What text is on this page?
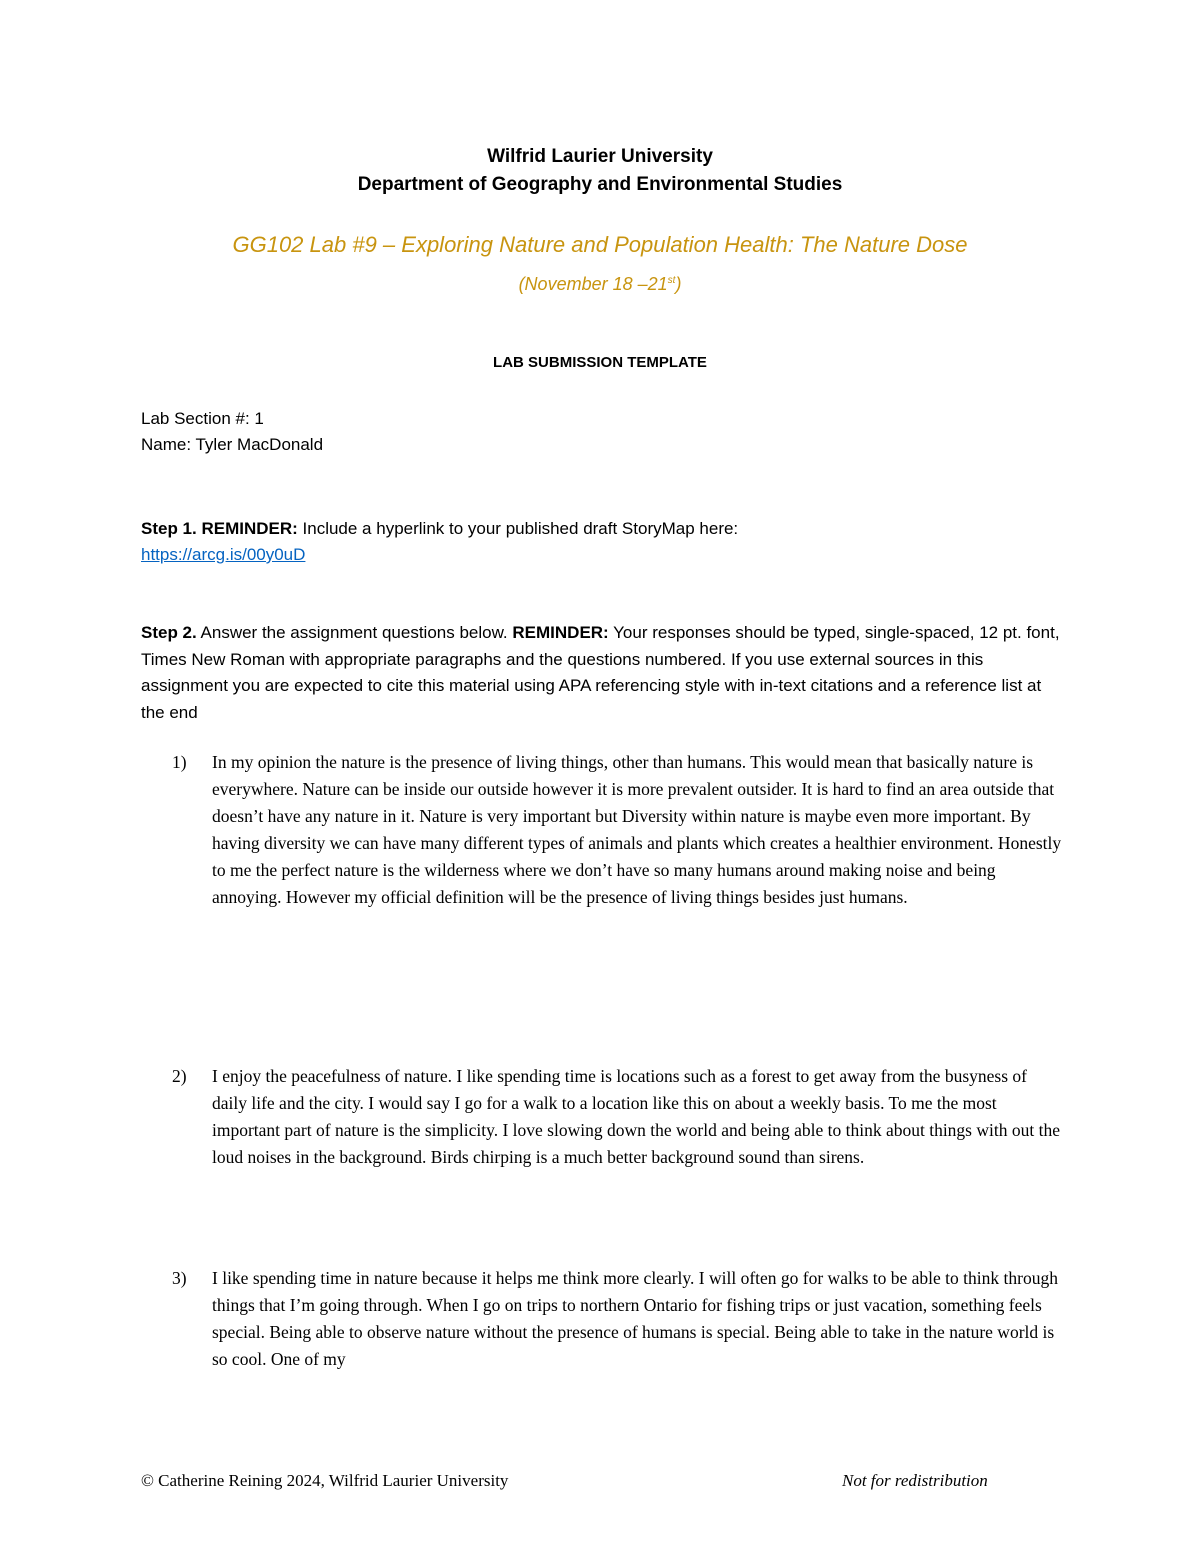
Wilfrid Laurier University
Department of Geography and Environmental Studies
GG102 Lab #9 – Exploring Nature and Population Health: The Nature Dose
(November 18 –21st)
LAB SUBMISSION TEMPLATE
Lab Section #: 1
Name: Tyler MacDonald
Step 1. REMINDER: Include a hyperlink to your published draft StoryMap here:
https://arcg.is/00y0uD
Step 2. Answer the assignment questions below. REMINDER: Your responses should be typed, single-spaced, 12 pt. font, Times New Roman with appropriate paragraphs and the questions numbered. If you use external sources in this assignment you are expected to cite this material using APA referencing style with in-text citations and a reference list at the end

1) In my opinion the nature is the presence of living things, other than humans. This would mean that basically nature is everywhere. Nature can be inside our outside however it is more prevalent outsider. It is hard to find an area outside that doesn’t have any nature in it. Nature is very important but Diversity within nature is maybe even more important. By having diversity we can have many different types of animals and plants which creates a healthier environment. Honestly to me the perfect nature is the wilderness where we don’t have so many humans around making noise and being annoying. However my official definition will be the presence of living things besides just humans.

2) I enjoy the peacefulness of nature. I like spending time is locations such as a forest to get away from the busyness of daily life and the city. I would say I go for a walk to a location like this on about a weekly basis. To me the most important part of nature is the simplicity. I love slowing down the world and being able to think about things with out the loud noises in the background. Birds chirping is a much better background sound than sirens.

3) I like spending time in nature because it helps me think more clearly. I will often go for walks to be able to think through things that I’m going through. When I go on trips to northern Ontario for fishing trips or just vacation, something feels special. Being able to observe nature without the presence of humans is special. Being able to take in the nature world is so cool. One of my

© Catherine Reining 2024, Wilfrid Laurier University	Not for redistribution
